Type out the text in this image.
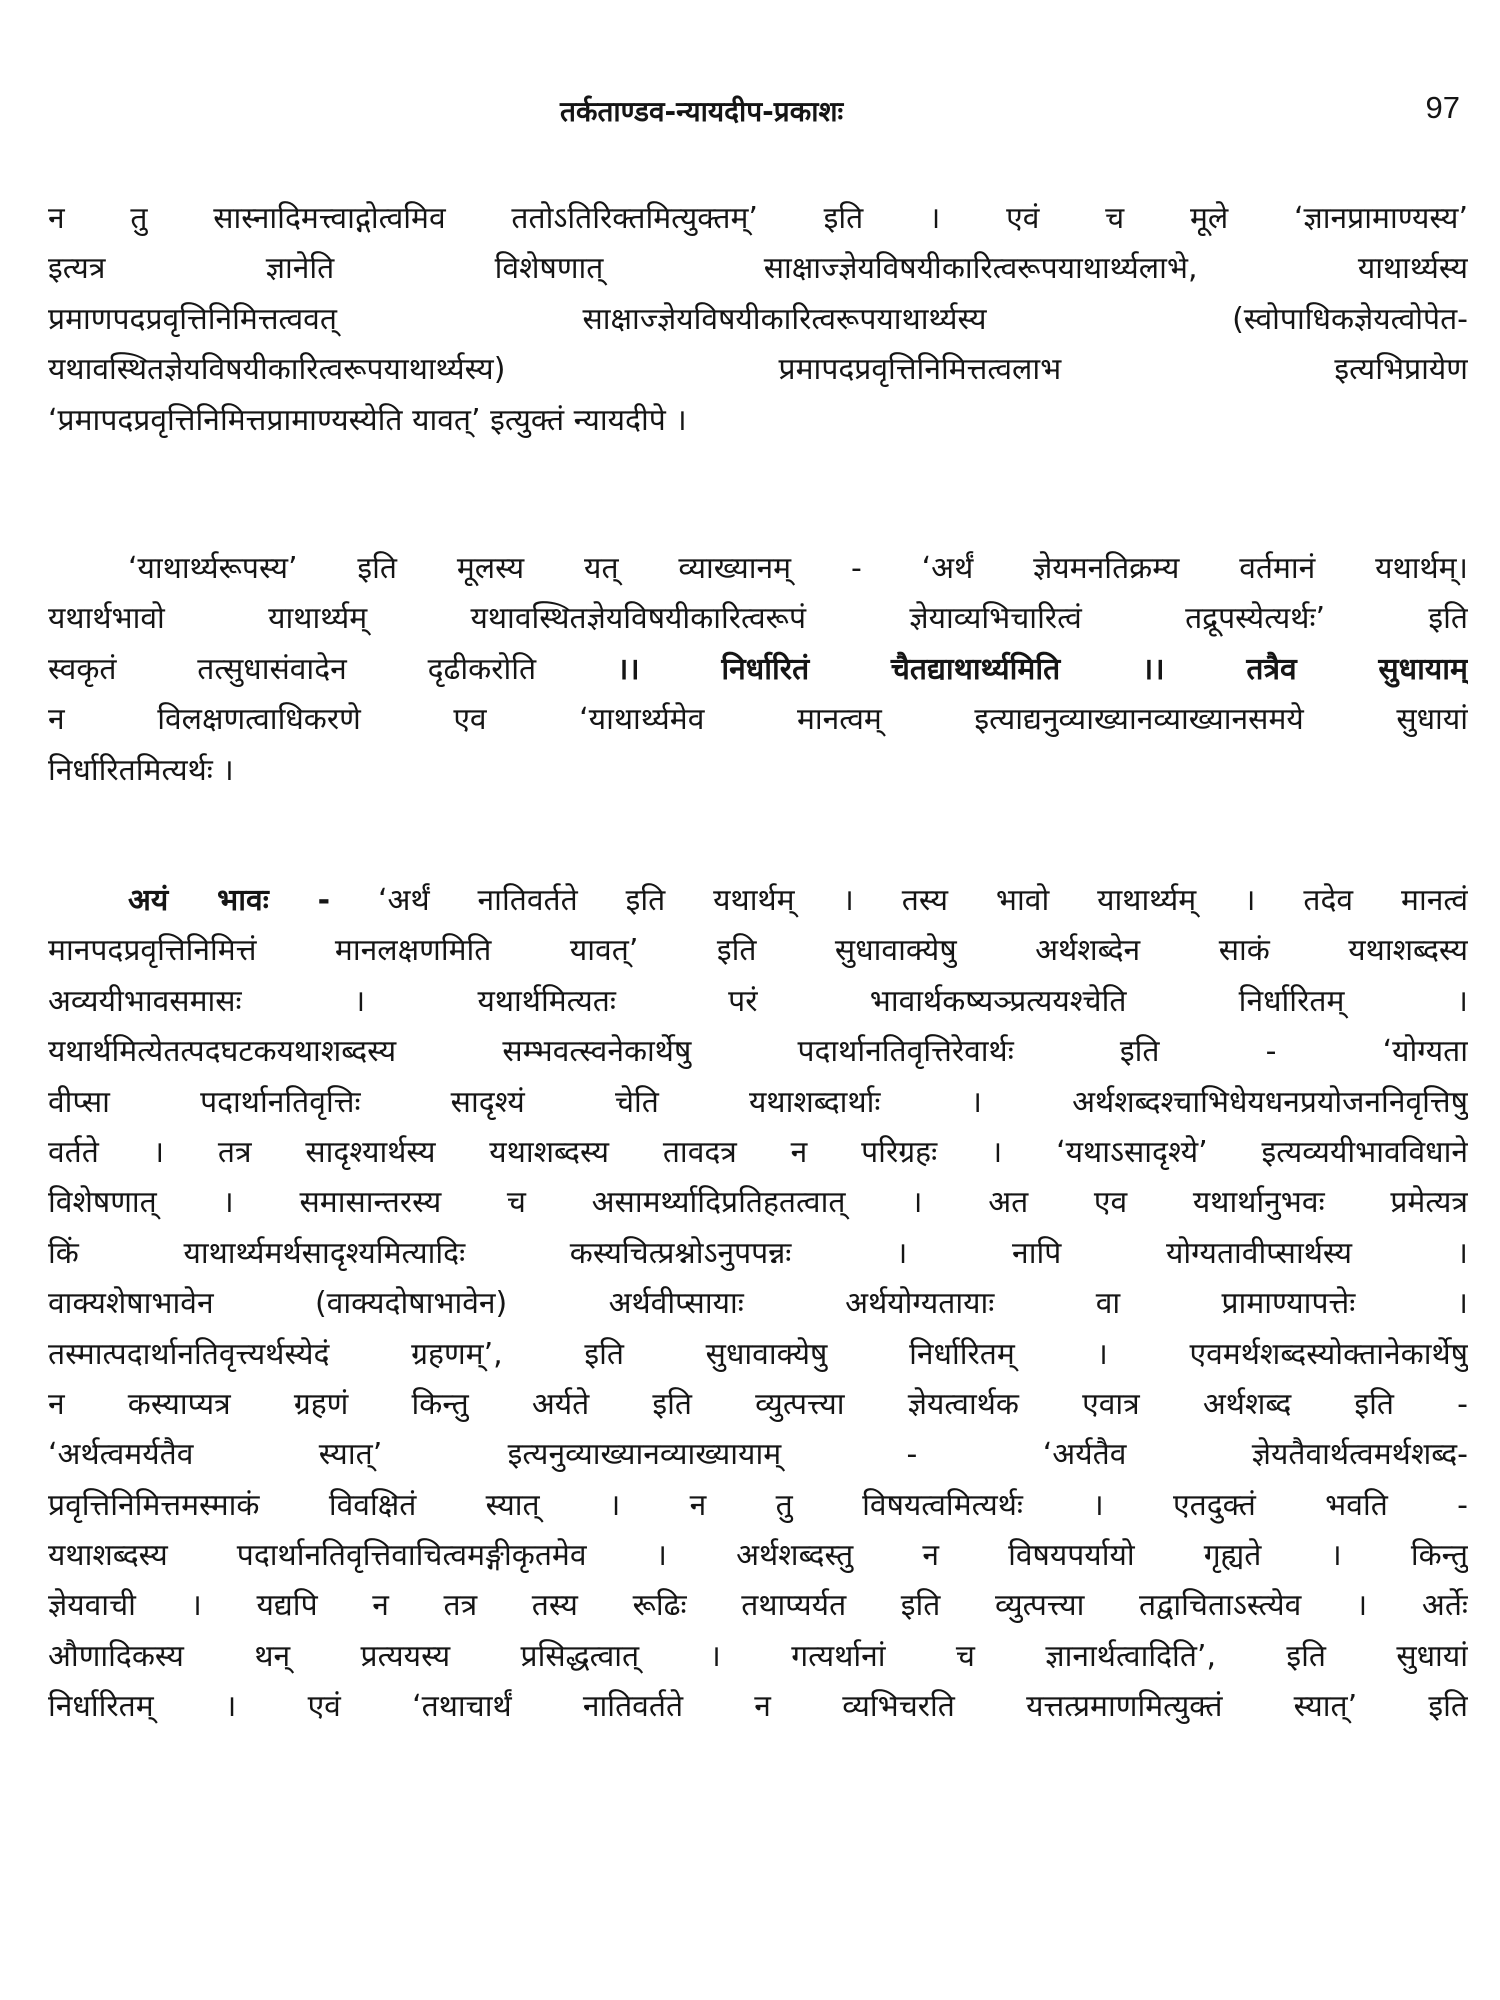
तर्कताण्डव-न्यायदीप-प्रकाशः	97
न तु सास्नादिमत्त्वाद्गोत्वमिव ततोऽतिरिक्तमित्युक्तम्’ इति । एवं च मूले ‘ज्ञानप्रामाण्यस्य’
इत्यत्र ज्ञानेति विशेषणात् साक्षाज्ज्ञेयविषयीकारित्वरूपयाथार्थ्यलाभे, याथार्थ्यस्य
प्रमाणपदप्रवृत्तिनिमित्तत्ववत् साक्षाज्ज्ञेयविषयीकारित्वरूपयाथार्थ्यस्य (स्वोपाधिकज्ञेयत्वोपेत-
यथावस्थितज्ञेयविषयीकारित्वरूपयाथार्थ्यस्य) प्रमापदप्रवृत्तिनिमित्तत्वलाभ इत्यभिप्रायेण
‘प्रमापदप्रवृत्तिनिमित्तप्रामाण्यस्येति यावत्’ इत्युक्तं न्यायदीपे ।
‘याथार्थ्यरूपस्य’ इति मूलस्य यत् व्याख्यानम् - ‘अर्थं ज्ञेयमनतिक्रम्य वर्तमानं यथार्थम्।
यथार्थभावो याथार्थ्यम् यथावस्थितज्ञेयविषयीकारित्वरूपं ज्ञेयाव्यभिचारित्वं तद्रूपस्येत्यर्थः’ इति
स्वकृतं तत्सुधासंवादेन दृढीकरोति	।। निर्धारितं चैतद्याथार्थ्यमिति ।। तत्रैव सुधायाम्
न विलक्षणत्वाधिकरणे एव ‘याथार्थ्यमेव मानत्वम् इत्याद्यनुव्याख्यानव्याख्यानसमये सुधायां
निर्धारितमित्यर्थः ।
अयं भावः - ‘अर्थं नातिवर्तते इति यथार्थम् । तस्य भावो याथार्थ्यम् । तदेव मानत्वं
मानपदप्रवृत्तिनिमित्तं मानलक्षणमिति यावत्’ इति सुधावाक्येषु अर्थशब्देन साकं यथाशब्दस्य
अव्ययीभावसमासः । यथार्थमित्यतः परं भावार्थकष्यञ्प्रत्ययश्चेति निर्धारितम् ।
यथार्थमित्येतत्पदघटकयथाशब्दस्य सम्भवत्स्वनेकार्थेषु पदार्थानतिवृत्तिरेवार्थः इति - ‘योग्यता
वीप्सा पदार्थानतिवृत्तिः सादृश्यं चेति यथाशब्दार्थाः । अर्थशब्दश्चाभिधेयधनप्रयोजननिवृत्तिषु
वर्तते । तत्र सादृश्यार्थस्य यथाशब्दस्य तावदत्र न परिग्रहः । ‘यथाऽसादृश्ये’ इत्यव्ययीभावविधाने
विशेषणात् । समासान्तरस्य च असामर्थ्यादिप्रतिहतत्वात् । अत एव यथार्थानुभवः प्रमेत्यत्र
किं याथार्थ्यमर्थसादृश्यमित्यादिः कस्यचित्प्रश्नोऽनुपपन्नः । नापि योग्यतावीप्सार्थस्य ।
वाक्यशेषाभावेन (वाक्यदोषाभावेन) अर्थवीप्सायाः अर्थयोग्यतायाः वा प्रामाण्यापत्तेः ।
तस्मात्पदार्थानतिवृत्त्यर्थस्येदं ग्रहणम्’, इति सुधावाक्येषु निर्धारितम् । एवमर्थशब्दस्योक्तानेकार्थेषु
न कस्याप्यत्र ग्रहणं किन्तु अर्यते इति व्युत्पत्त्या ज्ञेयत्वार्थक एवात्र अर्थशब्द इति -
‘अर्थत्वमर्यतैव स्यात्’ इत्यनुव्याख्यानव्याख्यायाम् - ‘अर्यतैव ज्ञेयतैवार्थत्वमर्थशब्द-
प्रवृत्तिनिमित्तमस्माकं विवक्षितं स्यात् । न तु विषयत्वमित्यर्थः । एतदुक्तं भवति -
यथाशब्दस्य पदार्थानतिवृत्तिवाचित्वमङ्गीकृतमेव । अर्थशब्दस्तु न विषयपर्यायो गृह्यते । किन्तु
ज्ञेयवाची । यद्यपि न तत्र तस्य रूढिः तथाप्यर्यत इति व्युत्पत्त्या तद्वाचिताऽस्त्येव । अर्तेः
औणादिकस्य थन् प्रत्ययस्य प्रसिद्धत्वात् । गत्यर्थानां च ज्ञानार्थत्वादिति’, इति सुधायां
निर्धारितम् । एवं ‘तथाचार्थं नातिवर्तते न व्यभिचरति यत्तत्प्रमाणमित्युक्तं स्यात्’ इति
